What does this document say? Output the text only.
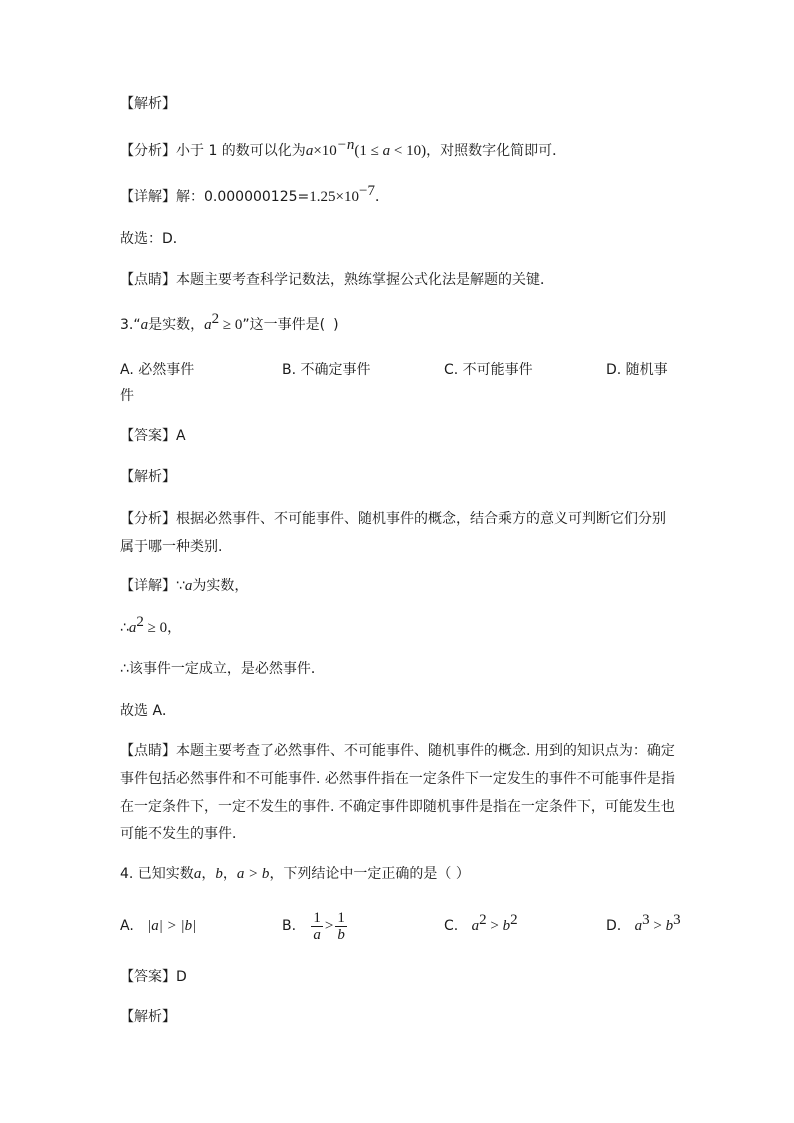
【解析】
【分析】小于 1 的数可以化为$a\times 10^{-n}(1 \le a < 10)$，对照数字化简即可．
【详解】解：$0.000000125=1.25\times 10^{-7}$．
故选：D．
【点睛】本题主要考查科学记数法，熟练掌握公式化法是解题的关键．
3.“a是实数，$a^2 \ge 0$”这一事件是( )
A. 必然事件	B. 不确定事件	C. 不可能事件	D. 随机事
件
【答案】A
【解析】
【分析】根据必然事件、不可能事件、随机事件的概念，结合乘方的意义可判断它们分别
属于哪一种类别.
【详解】∵a为实数，
$\therefore a^2 \ge 0$，
∴该事件一定成立，是必然事件．
故选 A．
【点睛】本题主要考查了必然事件、不可能事件、随机事件的概念. 用到的知识点为：确定
事件包括必然事件和不可能事件. 必然事件指在一定条件下一定发生的事件不可能事件是指
在一定条件下，一定不发生的事件. 不确定事件即随机事件是指在一定条件下，可能发生也
可能不发生的事件．
4. 已知实数a，b，a > b，下列结论中一定正确的是（ ）
A. |a| > |b|	B. $\frac{1}{a} > \frac{1}{b}$	C. $a^2 > b^2$	D. $a^3 > b^3$
【答案】D
【解析】
